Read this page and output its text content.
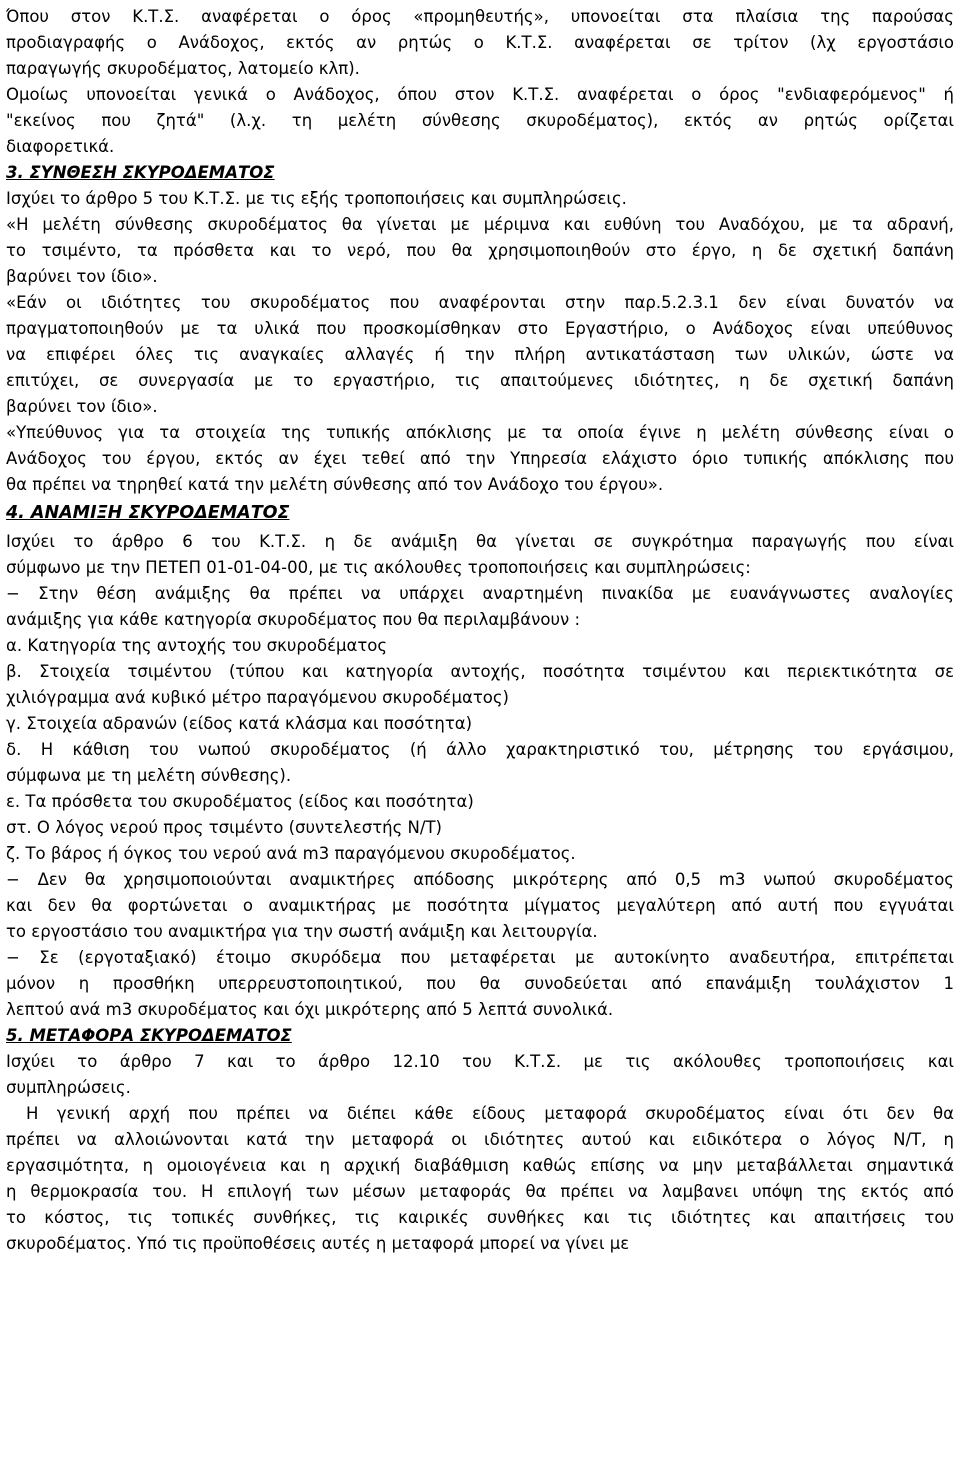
Όπου στον Κ.Τ.Σ. αναφέρεται ο όρος «προμηθευτής», υπονοείται στα πλαίσια της παρούσας
προδιαγραφής ο Ανάδοχος, εκτός αν ρητώς ο Κ.Τ.Σ. αναφέρεται σε τρίτον (λχ εργοστάσιο
παραγωγής σκυροδέματος, λατομείο κλπ).
Ομοίως υπονοείται γενικά ο Ανάδοχος, όπου στον Κ.Τ.Σ. αναφέρεται ο όρος "ενδιαφερόμενος" ή
"εκείνος που ζητά" (λ.χ. τη μελέτη σύνθεσης σκυροδέματος), εκτός αν ρητώς ορίζεται
διαφορετικά.
3. ΣΥΝΘΕΣΗ ΣΚΥΡΟΔΕΜΑΤΟΣ
Ισχύει το άρθρο 5 του Κ.Τ.Σ. με τις εξής τροποποιήσεις και συμπληρώσεις.
«Η μελέτη σύνθεσης σκυροδέματος θα γίνεται με μέριμνα και ευθύνη του Αναδόχου, με τα αδρανή,
το τσιμέντο, τα πρόσθετα και το νερό, που θα χρησιμοποιηθούν στο έργο, η δε σχετική δαπάνη
βαρύνει τον ίδιο».
«Εάν οι ιδιότητες του σκυροδέματος που αναφέρονται στην παρ.5.2.3.1 δεν είναι δυνατόν να
πραγματοποιηθούν με τα υλικά που προσκομίσθηκαν στο Εργαστήριο, ο Ανάδοχος είναι υπεύθυνος
να επιφέρει όλες τις αναγκαίες αλλαγές ή την πλήρη αντικατάσταση των υλικών, ώστε να
επιτύχει, σε συνεργασία με το εργαστήριο, τις απαιτούμενες ιδιότητες, η δε σχετική δαπάνη
βαρύνει τον ίδιο».
«Υπεύθυνος για τα στοιχεία της τυπικής απόκλισης με τα οποία έγινε η μελέτη σύνθεσης είναι ο
Ανάδοχος του έργου, εκτός αν έχει τεθεί από την Υπηρεσία ελάχιστο όριο τυπικής απόκλισης που
θα πρέπει να τηρηθεί κατά την μελέτη σύνθεσης από τον Ανάδοχο του έργου».
4. ΑΝΑΜΙΞΗ ΣΚΥΡΟΔΕΜΑΤΟΣ
Ισχύει το άρθρο 6 του Κ.Τ.Σ. η δε ανάμιξη θα γίνεται σε συγκρότημα παραγωγής που είναι
σύμφωνο με την ΠΕΤΕΠ 01-01-04-00, με τις ακόλουθες τροποποιήσεις και συμπληρώσεις:
− Στην θέση ανάμιξης θα πρέπει να υπάρχει αναρτημένη πινακίδα με ευανάγνωστες αναλογίες
ανάμιξης για κάθε κατηγορία σκυροδέματος που θα περιλαμβάνουν :
α. Κατηγορία της αντοχής του σκυροδέματος
β. Στοιχεία τσιμέντου (τύπου και κατηγορία αντοχής, ποσότητα τσιμέντου και περιεκτικότητα σε
χιλιόγραμμα ανά κυβικό μέτρο παραγόμενου σκυροδέματος)
γ. Στοιχεία αδρανών (είδος κατά κλάσμα και ποσότητα)
δ. Η κάθιση του νωπού σκυροδέματος (ή άλλο χαρακτηριστικό του, μέτρησης του εργάσιμου,
σύμφωνα με τη μελέτη σύνθεσης).
ε. Τα πρόσθετα του σκυροδέματος (είδος και ποσότητα)
στ. Ο λόγος νερού προς τσιμέντο (συντελεστής Ν/Τ)
ζ. Το βάρος ή όγκος του νερού ανά m3 παραγόμενου σκυροδέματος.
− Δεν θα χρησιμοποιούνται αναμικτήρες απόδοσης μικρότερης από 0,5 m3 νωπού σκυροδέματος
και δεν θα φορτώνεται ο αναμικτήρας με ποσότητα μίγματος μεγαλύτερη από αυτή που εγγυάται
το εργοστάσιο του αναμικτήρα για την σωστή ανάμιξη και λειτουργία.
− Σε (εργοταξιακό) έτοιμο σκυρόδεμα που μεταφέρεται με αυτοκίνητο αναδευτήρα, επιτρέπεται
μόνον η προσθήκη υπερρευστοποιητικού, που θα συνοδεύεται από επανάμιξη τουλάχιστον 1
λεπτού ανά m3 σκυροδέματος και όχι μικρότερης από 5 λεπτά συνολικά.
5. ΜΕΤΑΦΟΡΑ ΣΚΥΡΟΔΕΜΑΤΟΣ
Ισχύει το άρθρο 7 και το άρθρο 12.10 του Κ.Τ.Σ. με τις ακόλουθες τροποποιήσεις και
συμπληρώσεις.
Η γενική αρχή που πρέπει να διέπει κάθε είδους μεταφορά σκυροδέματος είναι ότι δεν θα
πρέπει να αλλοιώνονται κατά την μεταφορά οι ιδιότητες αυτού και ειδικότερα ο λόγος Ν/Τ, η
εργασιμότητα, η ομοιογένεια και η αρχική διαβάθμιση καθώς επίσης να μην μεταβάλλεται σημαντικά
η θερμοκρασία του. Η επιλογή των μέσων μεταφοράς θα πρέπει να λαμβανει υπόψη της εκτός από
το κόστος, τις τοπικές συνθήκες, τις καιρικές συνθήκες και τις ιδιότητες και απαιτήσεις του
σκυροδέματος. Υπό τις προϋποθέσεις αυτές η μεταφορά μπορεί να γίνει με
